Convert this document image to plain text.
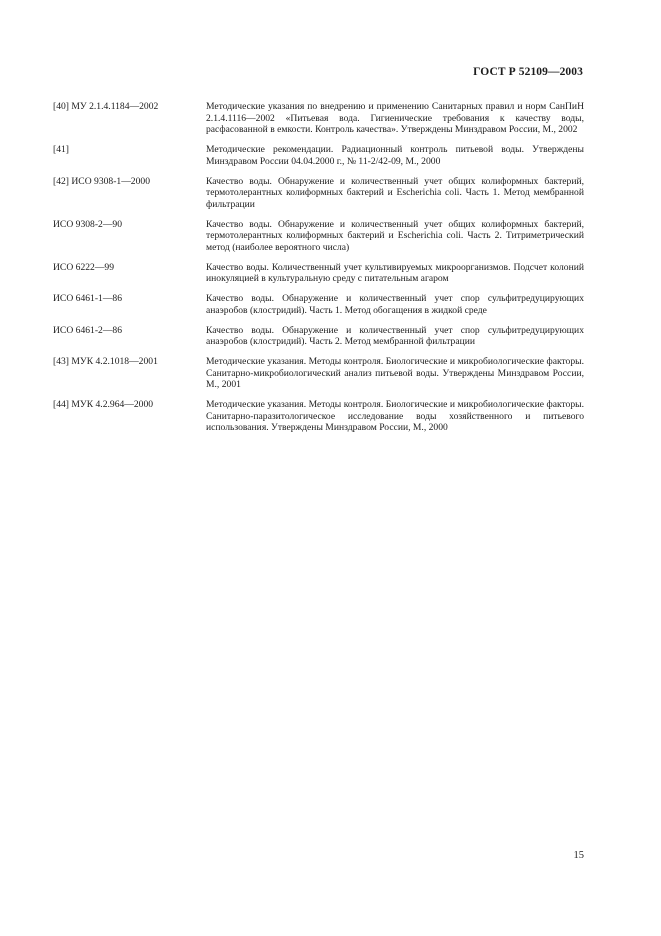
ГОСТ Р 52109—2003
[40] МУ 2.1.4.1184—2002	Методические указания по внедрению и применению Санитарных правил и норм СанПиН 2.1.4.1116—2002 «Питьевая вода. Гигиенические требования к качеству воды, расфасованной в емкости. Контроль качества». Утверждены Минздравом России, М., 2002
[41]	Методические рекомендации. Радиационный контроль питьевой воды. Утверждены Минздравом России 04.04.2000 г., № 11-2/42-09, М., 2000
[42] ИСО 9308-1—2000	Качество воды. Обнаружение и количественный учет общих колиформных бактерий, термотолерантных колиформных бактерий и Escherichia coli. Часть 1. Метод мембранной фильтрации
ИСО 9308-2—90	Качество воды. Обнаружение и количественный учет общих колиформных бактерий, термотолерантных колиформных бактерий и Escherichia coli. Часть 2. Титриметрический метод (наиболее вероятного числа)
ИСО 6222—99	Качество воды. Количественный учет культивируемых микроорганизмов. Подсчет колоний инокуляцией в культуральную среду с питательным агаром
ИСО 6461-1—86	Качество воды. Обнаружение и количественный учет спор сульфитредуцирующих анаэробов (клостридий). Часть 1. Метод обогащения в жидкой среде
ИСО 6461-2—86	Качество воды. Обнаружение и количественный учет спор сульфитредуцирующих анаэробов (клостридий). Часть 2. Метод мембранной фильтрации
[43] МУК 4.2.1018—2001	Методические указания. Методы контроля. Биологические и микробиологические факторы. Санитарно-микробиологический анализ питьевой воды. Утверждены Минздравом России, М., 2001
[44] МУК 4.2.964—2000	Методические указания. Методы контроля. Биологические и микробиологические факторы. Санитарно-паразитологическое исследование воды хозяйственного и питьевого использования. Утверждены Минздравом России, М., 2000
15
